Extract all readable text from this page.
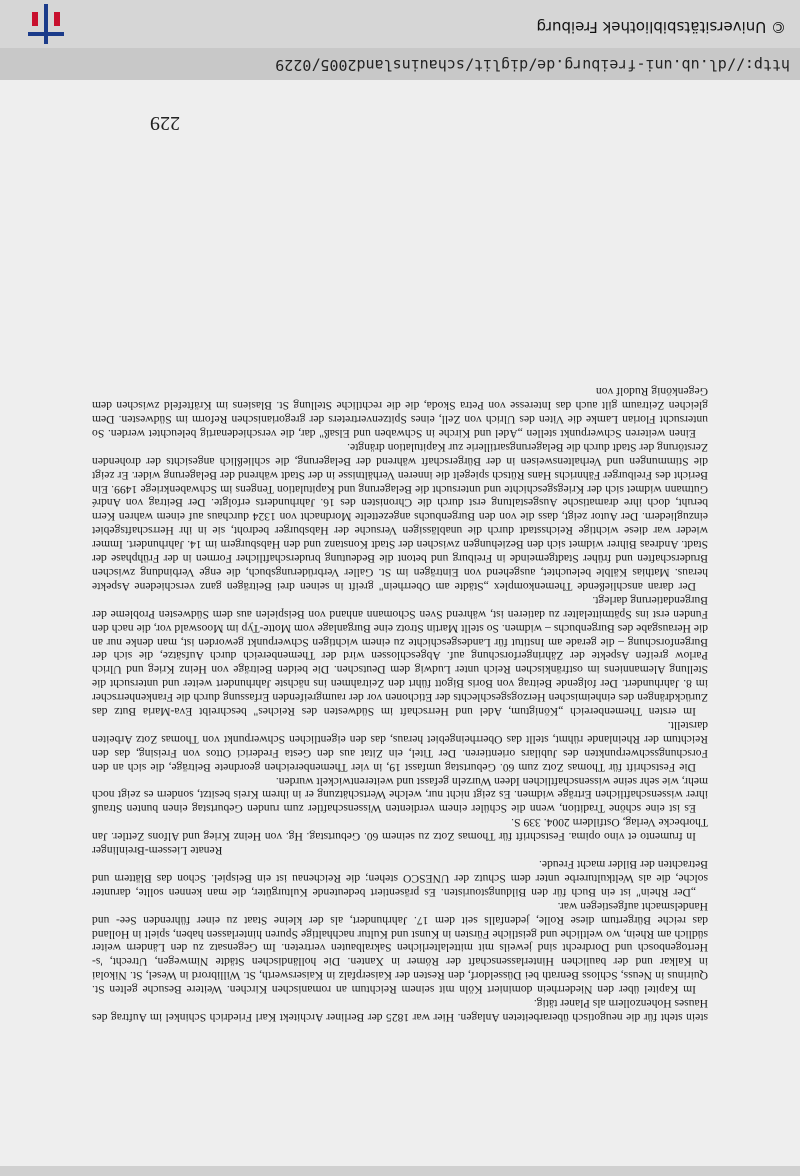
http://dl.ub.uni-freiburg.de/diglit/schauinsland2005/0229
© Universitätsbibliothek Freiburg
229

stein steht für die neugotisch überarbeiteten Anlagen. Hier war 1825 der Berliner Architekt Karl Friedrich Schinkel im Auftrag des Hauses Hohenzollern als Planer tätig.

Im Kapitel über den Niederrhein dominiert Köln mit seinem Reichtum an romanischen Kirchen. Weitere Besuche gelten St. Quirinus in Neuss, Schloss Benrath bei Düsseldorf, den Resten der Kaiserpfalz in Kaiserswerth, St. Willibrord in Wesel, St. Nikolai in Kalkar und der baulichen Hinterlassenschaft der Römer in Xanten. Die holländischen Städte Nimwegen, Utrecht, 's-Hertogenbosch und Dordrecht sind jeweils mit mittelalterlichen Sakralbauten vertreten. Im Gegensatz zu den Ländern weiter südlich am Rhein, wo weltliche und geistliche Fürsten in Kunst und Kultur nachhaltige Spuren hinterlassen haben, spielt in Holland das reiche Bürgertum diese Rolle, jedenfalls seit dem 17. Jahrhundert, als der kleine Staat zu einer führenden See- und Handelsmacht aufgestiegen war.

„Der Rhein" ist ein Buch für den Bildungstouristen. Es präsentiert bedeutende Kulturgüter, die man kennen sollte, darunter solche, die als Weltkulturerbe unter dem Schutz der UNESCO stehen; die Reichenau ist ein Beispiel. Schon das Blättern und Betrachten der Bilder macht Freude.

Renate Liessem-Breinlinger

In frumento et vino opima. Festschrift für Thomas Zotz zu seinem 60. Geburtstag. Hg. von Heinz Krieg und Alfons Zettler. Jan Thorbecke Verlag, Ostfildern 2004. 339 S.

Es ist eine schöne Tradition, wenn die Schüler einem verdienten Wissenschaftler zum runden Geburtstag einen bunten Strauß ihrer wissenschaftlichen Erträge widmen. Es zeigt nicht nur, welche Wertschätzung er in ihrem Kreis besitzt, sondern es zeigt noch mehr, wie sehr seine wissenschaftlichen Ideen Wurzeln gefasst und weiterentwickelt wurden.

Die Festschrift für Thomas Zotz zum 60. Geburtstag umfasst 19, in vier Themenbereichen geordnete Beiträge, die sich an den Forschungsschwerpunkten des Jubilars orientieren. Der Titel, ein Zitat aus den Gesta Frederici Ottos von Freising, das den Reichtum der Rheinlande rühmt, stellt das Oberrheingebiet heraus, das den eigentlichen Schwerpunkt von Thomas Zotz Arbeiten darstellt.

Im ersten Themenbereich „Königtum, Adel und Herrschaft im Südwesten des Reiches" beschreibt Eva-Maria Butz das Zurückdrängen des einheimischen Herzogsgeschlechts der Etichonen vor der raumgreifenden Erfassung durch die Frankenherrscher im 8. Jahrhundert. Der folgende Beitrag von Boris Bigott führt den Zeitrahmen ins nächste Jahrhundert weiter und untersucht die Stellung Alemanniens im ostfränkischen Reich unter Ludwig dem Deutschen. Die beiden Beiträge von Heinz Krieg und Ulrich Parlow greifen Aspekte der Zähringerforschung auf. Abgeschlossen wird der Themenbereich durch Aufsätze, die sich der Burgenforschung – die gerade am Institut für Landesgeschichte zu einem wichtigen Schwerpunkt geworden ist, man denke nur an die Herausgabe des Burgenbuchs – widmen. So stellt Martin Strotz eine Burganlage vom Motte-Typ im Mooswald vor, die nach den Funden erst ins Spätmittelalter zu datieren ist, während Sven Schomann anhand von Beispielen aus dem Südwesten Probleme der Burgendatierung darlegt.

Der daran anschließende Themenkomplex „Städte am Oberrhein" greift in seinen drei Beiträgen ganz verschiedene Aspekte heraus. Mathias Kälble beleuchtet, ausgehend von Einträgen im St. Galler Verbrüderungsbuch, die enge Verbindung zwischen Bruderschaften und früher Stadtgemeinde in Freiburg und betont die Bedeutung bruderschaftlicher Formen in der Frühphase der Stadt. Andreas Bihrer widmet sich den Beziehungen zwischen der Stadt Konstanz und den Habsburgern im 14. Jahrhundert. Immer wieder war diese wichtige Reichsstadt durch die unablässigen Versuche der Habsburger bedroht, sie in ihr Herrschaftsgebiet einzugliedern. Der Autor zeigt, dass die von den Burgenbuchs angezettelte Mordnacht von 1324 durchaus auf einem wahren Kern beruht, doch ihre dramatische Ausgestaltung erst durch die Chronisten des 16. Jahrhunderts erfolgte. Der Beitrag von André Gutmann widmet sich der Kriegsgeschichte und untersucht die Belagerung und Kapitulation Tengens im Schwabenkriege 1499. Ein Bericht des Freiburger Fähnrichs Hans Rütsch spiegelt die inneren Verhältnisse in der Stadt während der Belagerung wider. Er zeigt die Stimmungen und Verhaltensweisen in der Bürgerschaft während der Belagerung, die schließlich angesichts der drohenden Zerstörung der Stadt durch die Belagerungsartillerie zur Kapitulation drängte.

Einen weiteren Schwerpunkt stellen „Adel und Kirche in Schwaben und Elsaß" dar, die verschiedenartig beleuchtet werden. So untersucht Florian Lamke die Viten des Ulrich von Zell, eines Spitzenvertreters der gregorianischen Reform im Südwesten. Dem gleichen Zeitraum gilt auch das Interesse von Petra Skoda, die die rechtliche Stellung St. Blasiens im Kräftefeld zwischen dem Gegenkönig Rudolf von
